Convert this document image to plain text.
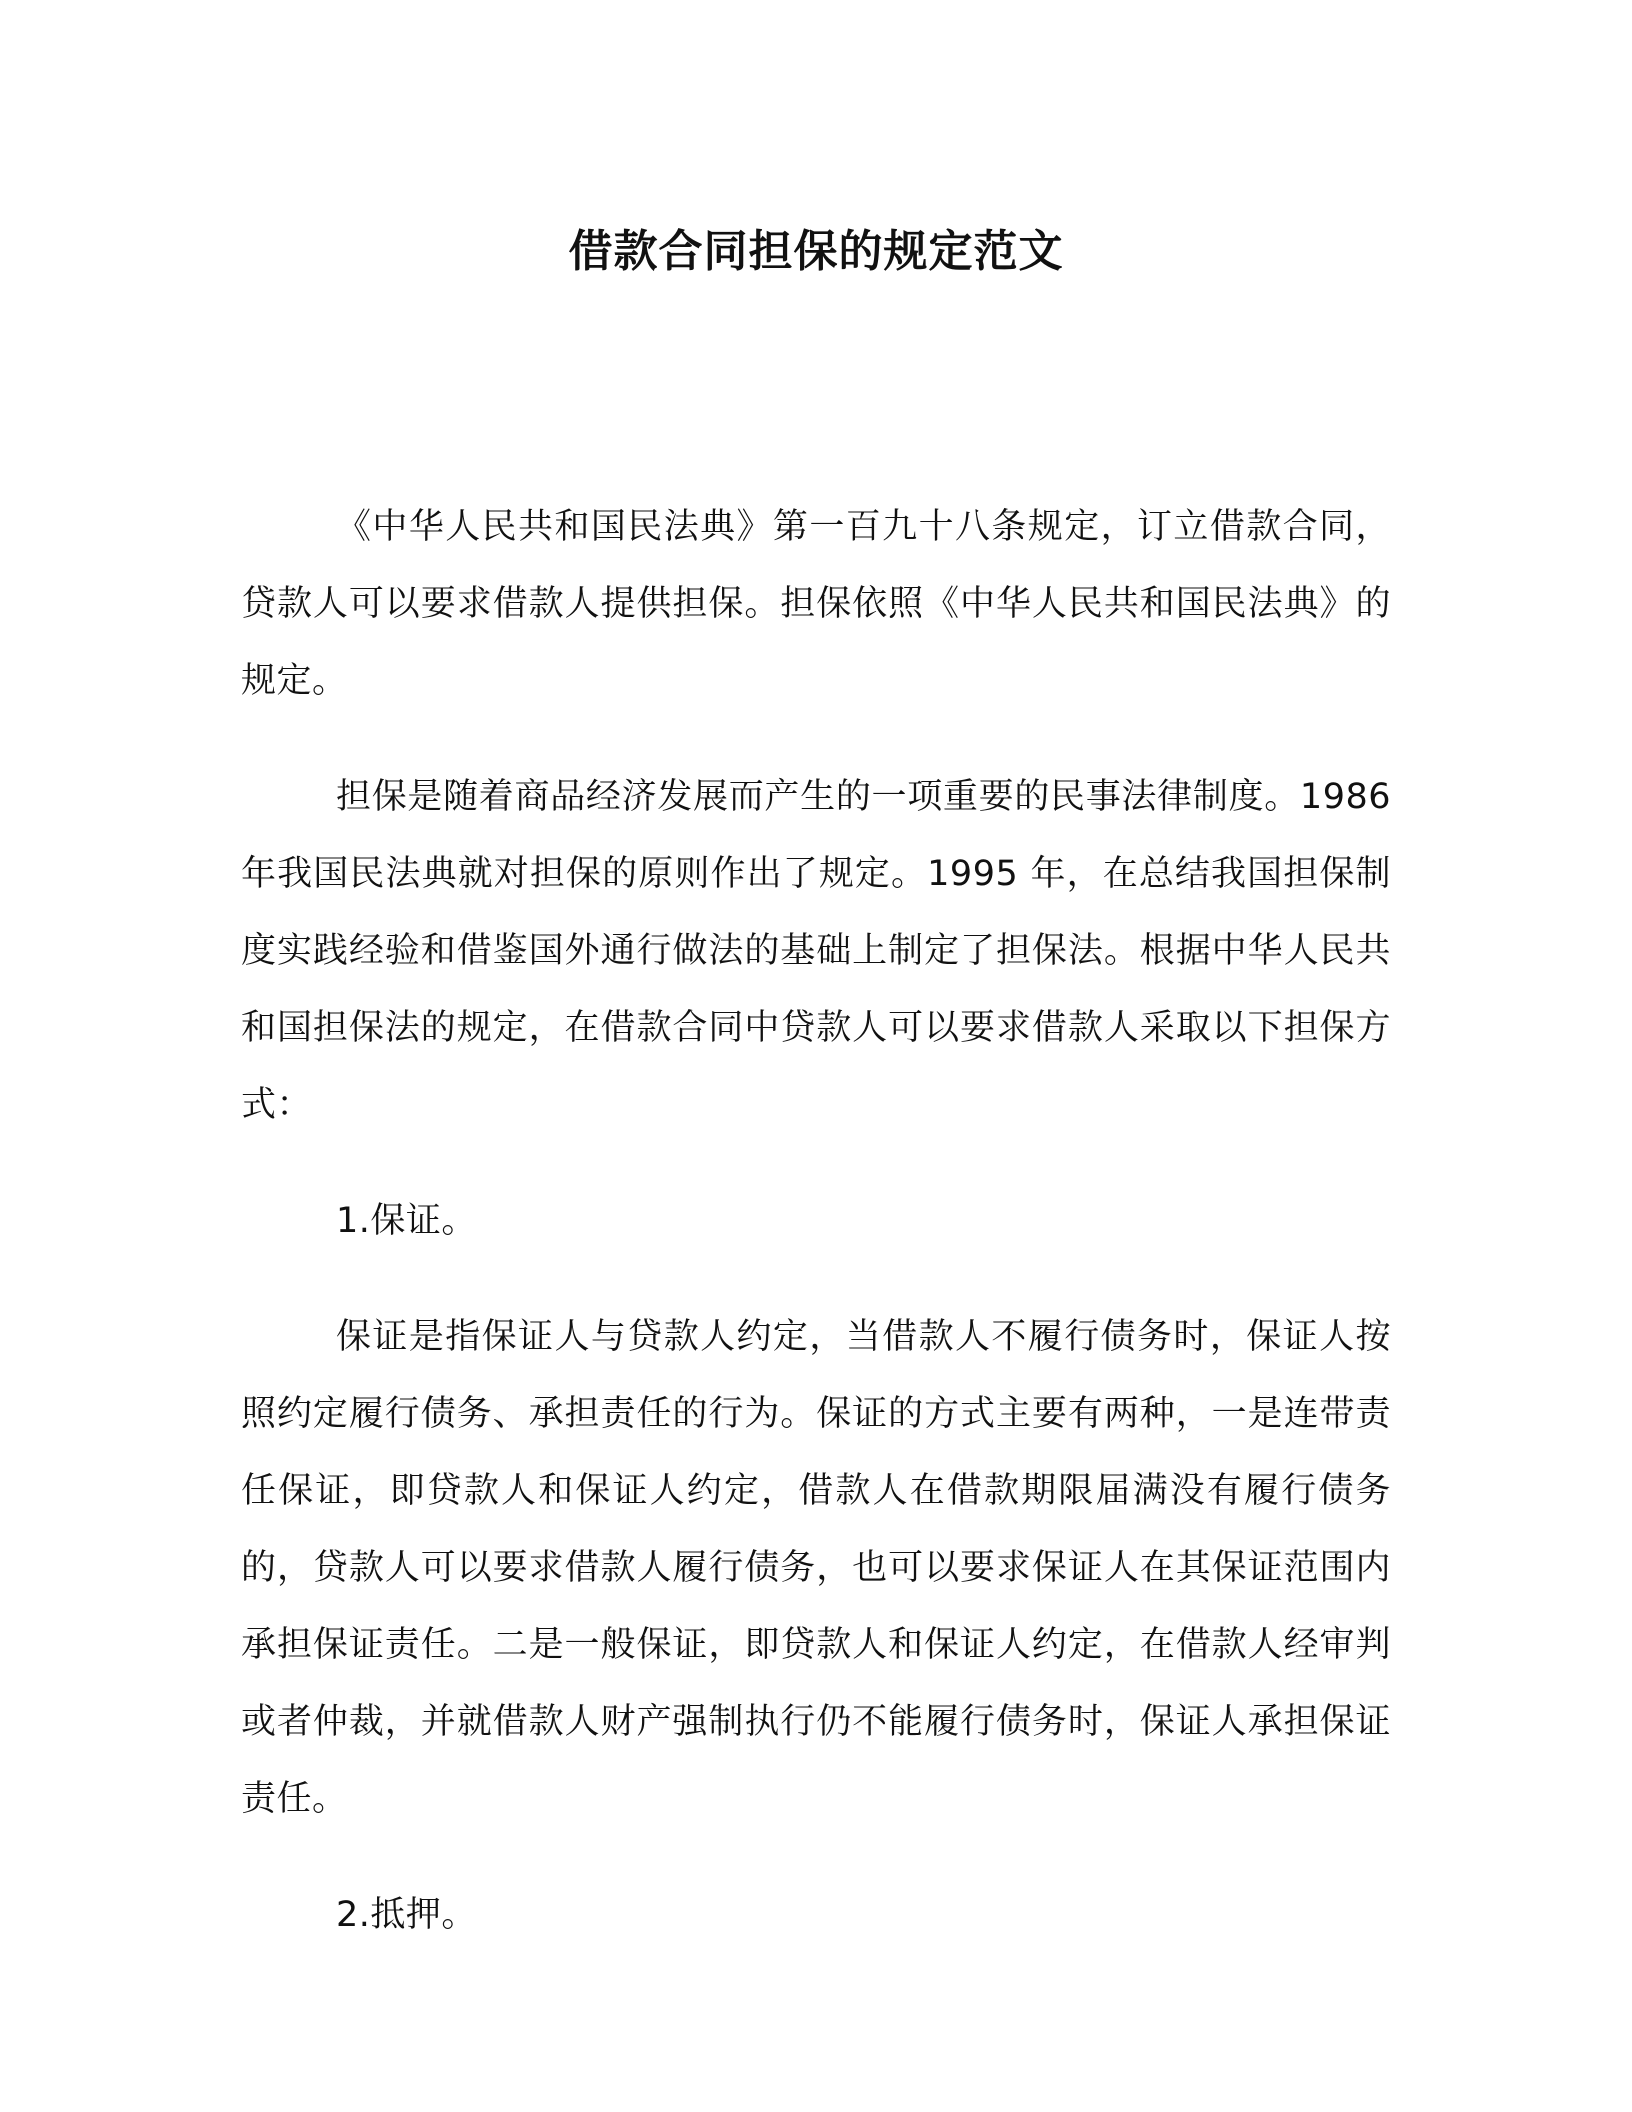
借款合同担保的规定范文

《中华人民共和国民法典》第一百九十八条规定，订立借款合同，贷款人可以要求借款人提供担保。担保依照《中华人民共和国民法典》的规定。

担保是随着商品经济发展而产生的一项重要的民事法律制度。1986 年我国民法典就对担保的原则作出了规定。1995 年，在总结我国担保制度实践经验和借鉴国外通行做法的基础上制定了担保法。根据中华人民共和国担保法的规定，在借款合同中贷款人可以要求借款人采取以下担保方式：

1.保证。

保证是指保证人与贷款人约定，当借款人不履行债务时，保证人按照约定履行债务、承担责任的行为。保证的方式主要有两种，一是连带责任保证，即贷款人和保证人约定，借款人在借款期限届满没有履行债务的，贷款人可以要求借款人履行债务，也可以要求保证人在其保证范围内承担保证责任。二是一般保证，即贷款人和保证人约定，在借款人经审判或者仲裁，并就借款人财产强制执行仍不能履行债务时，保证人承担保证责任。

2.抵押。
